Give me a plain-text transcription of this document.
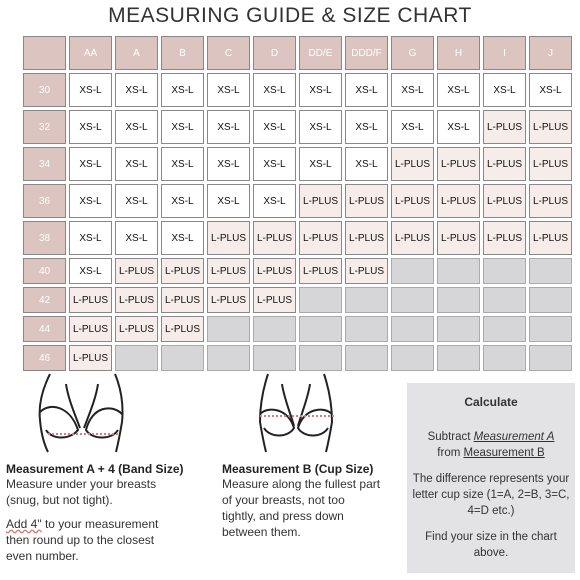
MEASURING GUIDE & SIZE CHART
	AA	A	B	C	D	DD/E	DDD/F	G	H	I	J
30	XS-L	XS-L	XS-L	XS-L	XS-L	XS-L	XS-L	XS-L	XS-L	XS-L	XS-L
32	XS-L	XS-L	XS-L	XS-L	XS-L	XS-L	XS-L	XS-L	XS-L	L-PLUS	L-PLUS
34	XS-L	XS-L	XS-L	XS-L	XS-L	XS-L	XS-L	L-PLUS	L-PLUS	L-PLUS	L-PLUS
36	XS-L	XS-L	XS-L	XS-L	XS-L	L-PLUS	L-PLUS	L-PLUS	L-PLUS	L-PLUS	L-PLUS
38	XS-L	XS-L	XS-L	L-PLUS	L-PLUS	L-PLUS	L-PLUS	L-PLUS	L-PLUS	L-PLUS	L-PLUS
40	XS-L	L-PLUS	L-PLUS	L-PLUS	L-PLUS	L-PLUS	L-PLUS				
42	L-PLUS	L-PLUS	L-PLUS	L-PLUS	L-PLUS						
44	L-PLUS	L-PLUS	L-PLUS								
46	L-PLUS										
Measurement A + 4 (Band Size)
Measure under your breasts
(snug, but not tight).
Add 4" to your measurement
then round up to the closest
even number.
Measurement B (Cup Size)
Measure along the fullest part
of your breasts, not too
tightly, and press down
between them.
Calculate

Subtract Measurement A
from Measurement B

The difference represents your letter cup size (1=A, 2=B, 3=C, 4=D etc.)

Find your size in the chart above.
